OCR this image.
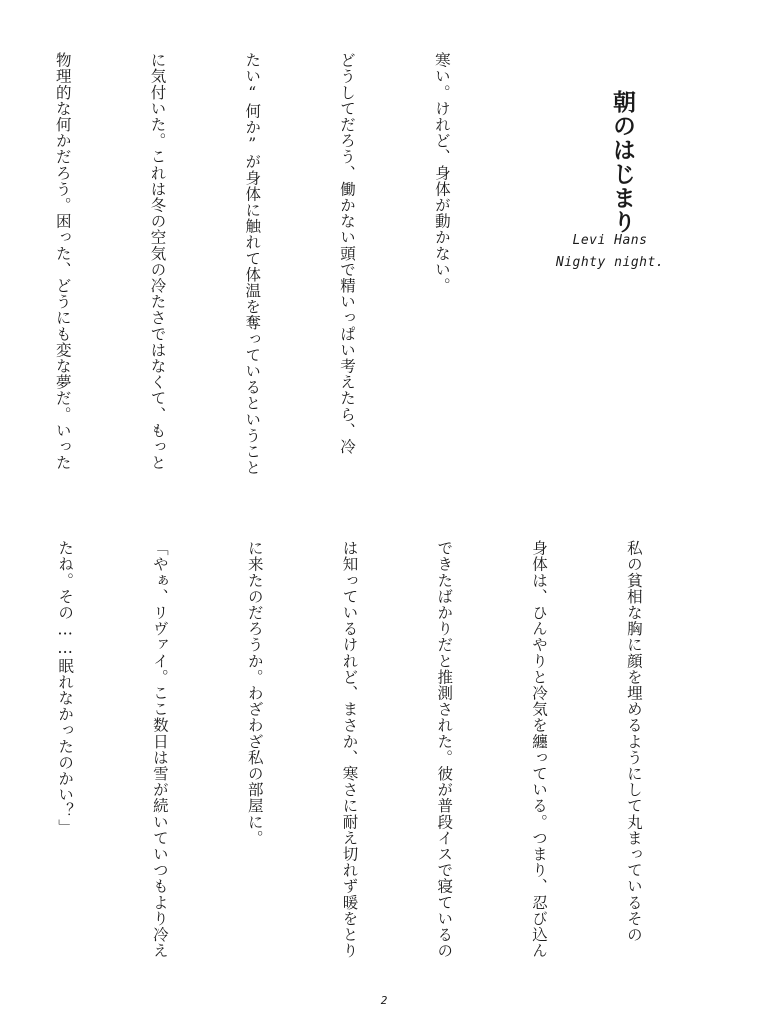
朝のはじまり
Levi Hans
Nighty night.

寒い。けれど、身体が動かない。

どうしてだろう、働かない頭で精いっぱい考えたら、冷

たい“何か”が身体に触れて体温を奪っているということ

に気付いた。これは冬の空気の冷たさではなくて、もっと

物理的な何かだろう。困った、どうにも変な夢だ。いった

私の貧相な胸に顔を埋めるようにして丸まっているその

身体は、ひんやりと冷気を纏っている。つまり、忍び込ん

できたばかりだと推測された。彼が普段イスで寝ているの

は知っているけれど、まさか、寒さに耐え切れず暖をとり

に来たのだろうか。わざわざ私の部屋に。

「やぁ、リヴァイ。ここ数日は雪が続いていつもより冷え

たね。その……眠れなかったのかい？」

2
